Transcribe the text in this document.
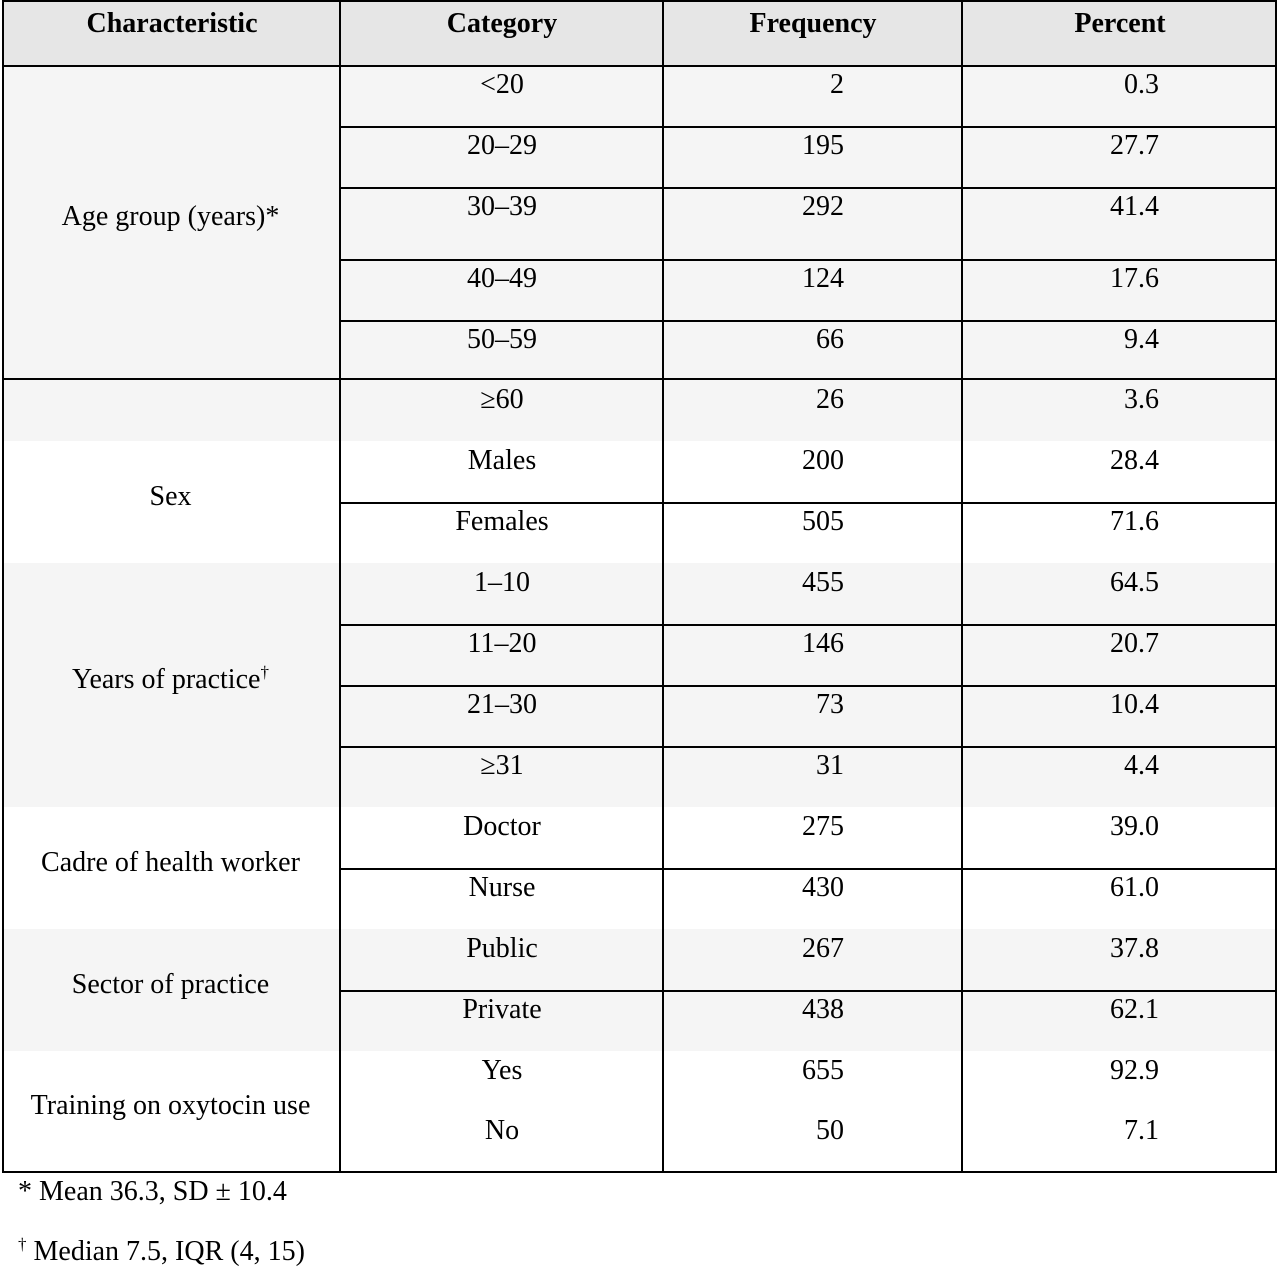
Characteristic	Category	Frequency	Percent
Age group (years)*
<20	2	0.3
20–29	195	27.7
30–39	292	41.4
40–49	124	17.6
50–59	66	9.4
≥60	26	3.6
Sex
Males	200	28.4
Females	505	71.6
Years of practice†
1–10	455	64.5
11–20	146	20.7
21–30	73	10.4
≥31	31	4.4
Cadre of health worker
Doctor	275	39.0
Nurse	430	61.0
Sector of practice
Public	267	37.8
Private	438	62.1
Training on oxytocin use
Yes	655	92.9
No	50	7.1
* Mean 36.3, SD ± 10.4
† Median 7.5, IQR (4, 15)
